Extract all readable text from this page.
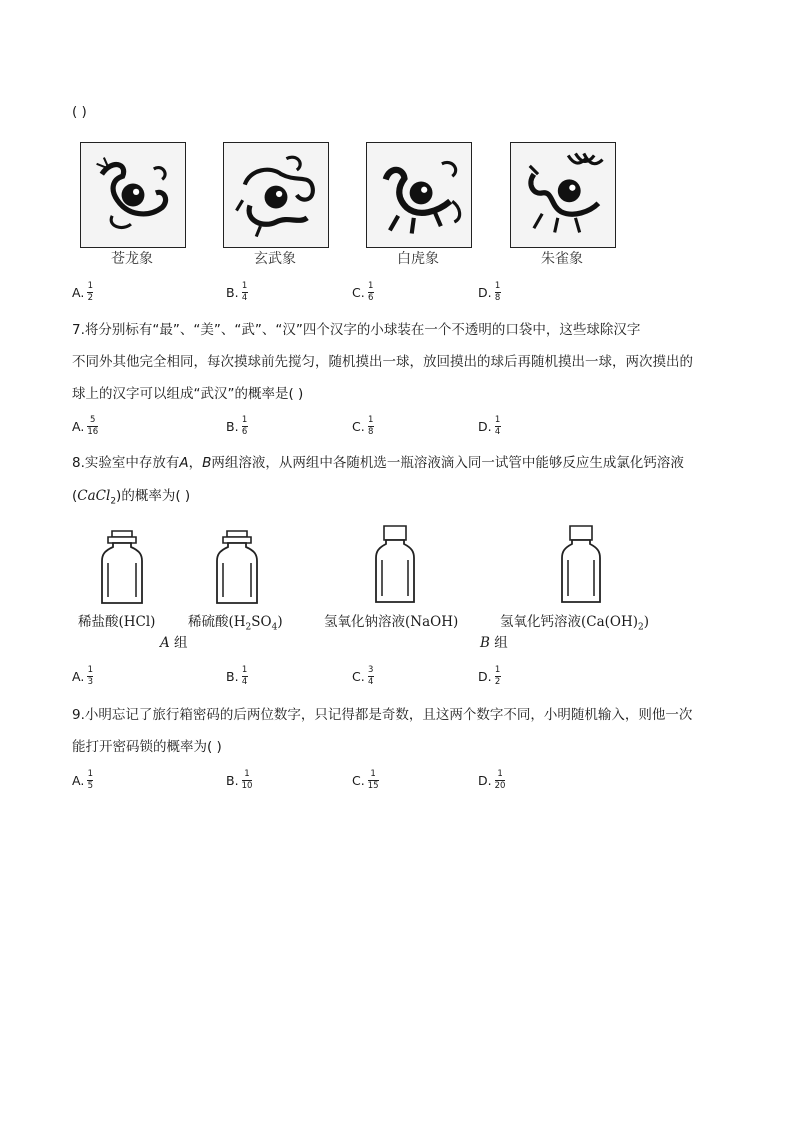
( )
苍龙象	玄武象	白虎象	朱雀象
A. $\frac{1}{2}$	B. $\frac{1}{4}$	C. $\frac{1}{6}$	D. $\frac{1}{8}$
7.将分别标有“最”、“美”、“武”、“汉”四个汉字的小球装在一个不透明的口袋中，这些球除汉字
不同外其他完全相同，每次摸球前先搅匀，随机摸出一球，放回摸出的球后再随机摸出一球，两次摸出的
球上的汉字可以组成“武汉”的概率是( )
A. $\frac{5}{16}$	B. $\frac{1}{6}$	C. $\frac{1}{8}$	D. $\frac{1}{4}$
8.实验室中存放有A，B两组溶液，从两组中各随机选一瓶溶液滴入同一试管中能够反应生成氯化钙溶液
(CaCl$_2$)的概率为( )
稀盐酸(HCl) 稀硫酸$(H_2SO_4)$	氢氧化钠溶液(NaOH)	氢氧化钙溶液$(Ca(OH)_2)$
A 组	B 组
A. $\frac{1}{3}$	B. $\frac{1}{4}$	C. $\frac{3}{4}$	D. $\frac{1}{2}$
9.小明忘记了旅行箱密码的后两位数字，只记得都是奇数，且这两个数字不同，小明随机输入，则他一次
能打开密码锁的概率为( )
A. $\frac{1}{5}$	B. $\frac{1}{10}$	C. $\frac{1}{15}$	D. $\frac{1}{20}$
